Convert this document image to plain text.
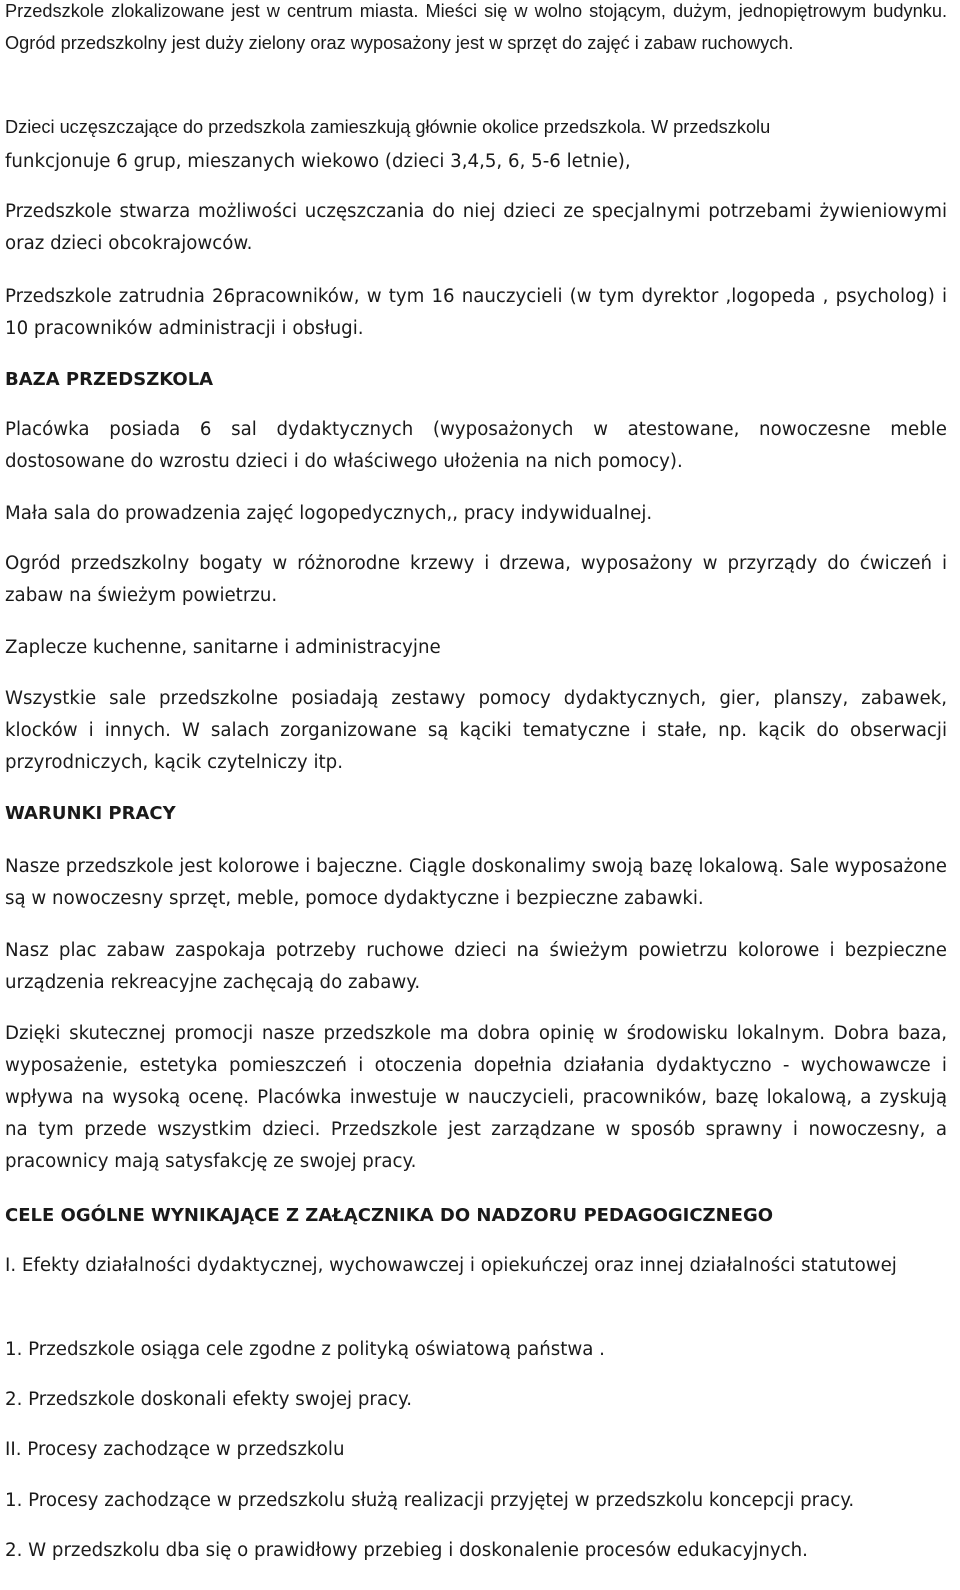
Przedszkole zlokalizowane jest w centrum miasta. Mieści się w wolno stojącym, dużym, jednopiętrowym budynku. Ogród przedszkolny jest duży zielony oraz wyposażony jest w sprzęt do zajęć i zabaw ruchowych.

Dzieci uczęszczające do przedszkola zamieszkują głównie okolice przedszkola. W przedszkolu

funkcjonuje 6 grup, mieszanych wiekowo (dzieci 3,4,5, 6, 5-6 letnie),

Przedszkole stwarza możliwości uczęszczania do niej dzieci ze specjalnymi potrzebami żywieniowymi oraz dzieci obcokrajowców.

Przedszkole zatrudnia 26pracowników, w tym 16 nauczycieli (w tym dyrektor ,logopeda , psycholog) i 10 pracowników administracji i obsługi.

BAZA PRZEDSZKOLA

Placówka posiada 6 sal dydaktycznych (wyposażonych w atestowane, nowoczesne meble dostosowane do wzrostu dzieci i do właściwego ułożenia na nich pomocy).

Mała sala do prowadzenia zajęć logopedycznych,, pracy indywidualnej.

Ogród przedszkolny bogaty w różnorodne krzewy i drzewa, wyposażony w przyrządy do ćwiczeń i zabaw na świeżym powietrzu.

Zaplecze kuchenne, sanitarne i administracyjne

Wszystkie sale przedszkolne posiadają zestawy pomocy dydaktycznych, gier, planszy, zabawek, klocków i innych. W salach zorganizowane są kąciki tematyczne i stałe, np. kącik do obserwacji przyrodniczych, kącik czytelniczy itp.

WARUNKI PRACY

Nasze przedszkole jest kolorowe i bajeczne. Ciągle doskonalimy swoją bazę lokalową. Sale wyposażone są w nowoczesny sprzęt, meble, pomoce dydaktyczne i bezpieczne zabawki.

Nasz plac zabaw zaspokaja potrzeby ruchowe dzieci na świeżym powietrzu kolorowe i bezpieczne urządzenia rekreacyjne zachęcają do zabawy.

Dzięki skutecznej promocji nasze przedszkole ma dobra opinię w środowisku lokalnym. Dobra baza, wyposażenie, estetyka pomieszczeń i otoczenia dopełnia działania dydaktyczno - wychowawcze i wpływa na wysoką ocenę. Placówka inwestuje w nauczycieli, pracowników, bazę lokalową, a zyskują na tym przede wszystkim dzieci. Przedszkole jest zarządzane w sposób sprawny i nowoczesny, a pracownicy mają satysfakcję ze swojej pracy.

CELE OGÓLNE WYNIKAJĄCE Z ZAŁĄCZNIKA DO NADZORU PEDAGOGICZNEGO

I. Efekty działalności dydaktycznej, wychowawczej i opiekuńczej oraz innej działalności statutowej

1. Przedszkole osiąga cele zgodne z polityką oświatową państwa .

2. Przedszkole doskonali efekty swojej pracy.

II. Procesy zachodzące w przedszkolu

1. Procesy zachodzące w przedszkolu służą realizacji przyjętej w przedszkolu koncepcji pracy.

2. W przedszkolu dba się o prawidłowy przebieg i doskonalenie procesów edukacyjnych.
